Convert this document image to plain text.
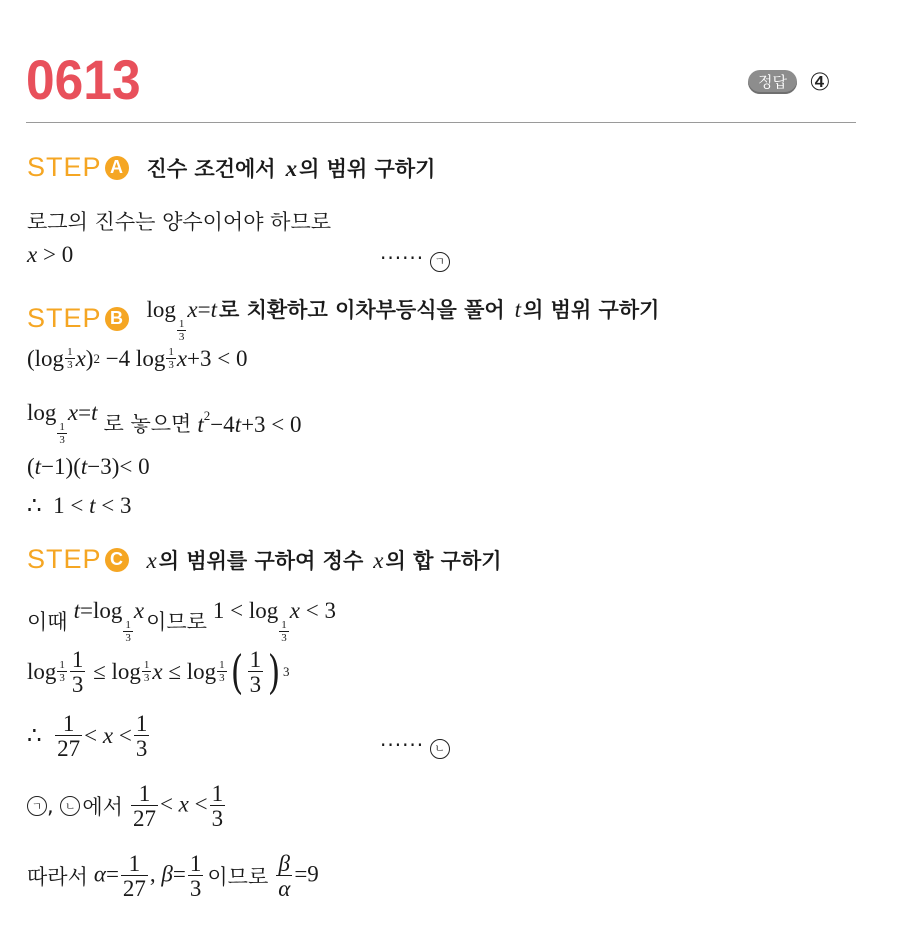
0613	정답 ④
STEP A 진수 조건에서 x 의 범위 구하기
로그의 진수는 양수이어야 하므로
x > 0	······ ㄱ
STEP B log
$\frac{1}{3}$
x=t 로 치환하고 이차부등식을 풀어 t 의 범위 구하기
($\log \frac{1}{3}$ x ) 2 −4 $\log \frac{1}{3}$ x +3 < 0
log
$\frac{1}{3}$
x=t 로 놓으면 $t^2-4t+3 < 0$
( t −1)( t −3)< 0
∴  1 < t < 3
STEP C x 의 범위를 구하여 정수 x 의 합 구하기
이때 t=log
$\frac{1}{3}$
x 이므로 1 < log
$\frac{1}{3}$
x < 3
$\log \frac{1}{3} \frac{1}{3} \le \log \frac{1}{3}$ $x \le \log \frac{1}{3}$ ( $\frac{1}{3}$ ) 3
∴ $\frac{1}{27} < x < \frac{1}{3}$	······ ㄴ
ㄱ , ㄴ 에서 $\frac{1}{27} < x < \frac{1}{3}$
따라서 $\alpha= \frac{1}{27}$ , $\beta= \frac{1}{3}$ 이므로 $\frac{\beta}{\alpha} =9$
